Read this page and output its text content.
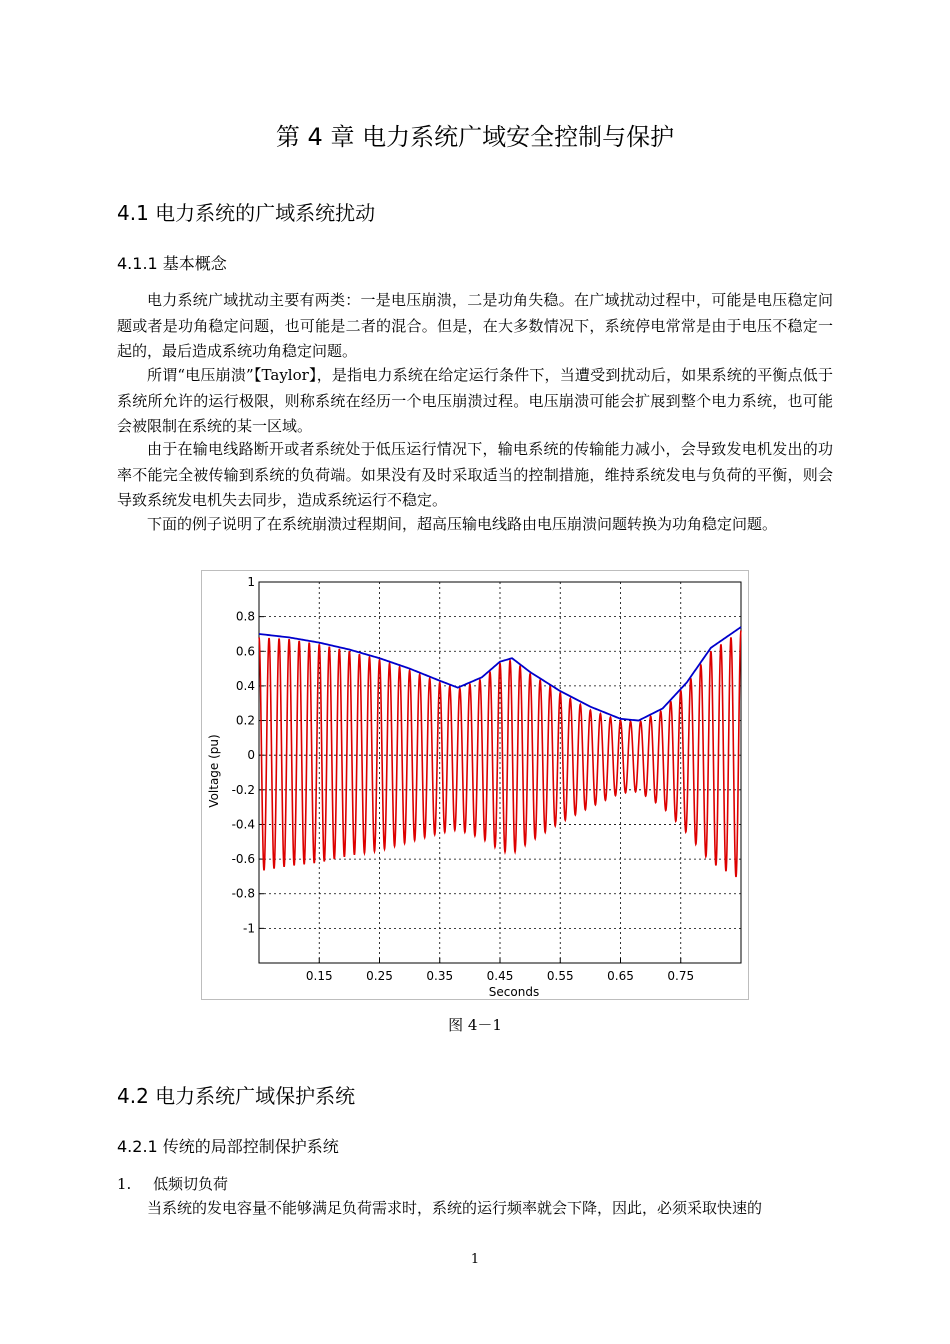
第 4 章 电力系统广域安全控制与保护
4.1 电力系统的广域系统扰动
4.1.1 基本概念

电力系统广域扰动主要有两类：一是电压崩溃，二是功角失稳。在广域扰动过程中，可能是电压稳定问题或者是功角稳定问题，也可能是二者的混合。但是，在大多数情况下，系统停电常常是由于电压不稳定一起的，最后造成系统功角稳定问题。

所谓“电压崩溃”【Taylor】，是指电力系统在给定运行条件下，当遭受到扰动后，如果系统的平衡点低于系统所允许的运行极限，则称系统在经历一个电压崩溃过程。电压崩溃可能会扩展到整个电力系统，也可能会被限制在系统的某一区域。

由于在输电线路断开或者系统处于低压运行情况下，输电系统的传输能力减小，会导致发电机发出的功率不能完全被传输到系统的负荷端。如果没有及时采取适当的控制措施，维持系统发电与负荷的平衡，则会导致系统发电机失去同步，造成系统运行不稳定。

下面的例子说明了在系统崩溃过程期间，超高压输电线路由电压崩溃问题转换为功角稳定问题。

0.15	0.25	0.35	0.45	0.55	0.65	0.75
1
0.8
0.6
0.4
0.2
0
-0.2
-0.4
-0.6
-0.8
-1
Seconds
Voltage (pu)
图 4－1
4.2 电力系统广域保护系统
4.2.1 传统的局部控制保护系统
1. 低频切负荷

当系统的发电容量不能够满足负荷需求时，系统的运行频率就会下降，因此，必须采取快速的

1
